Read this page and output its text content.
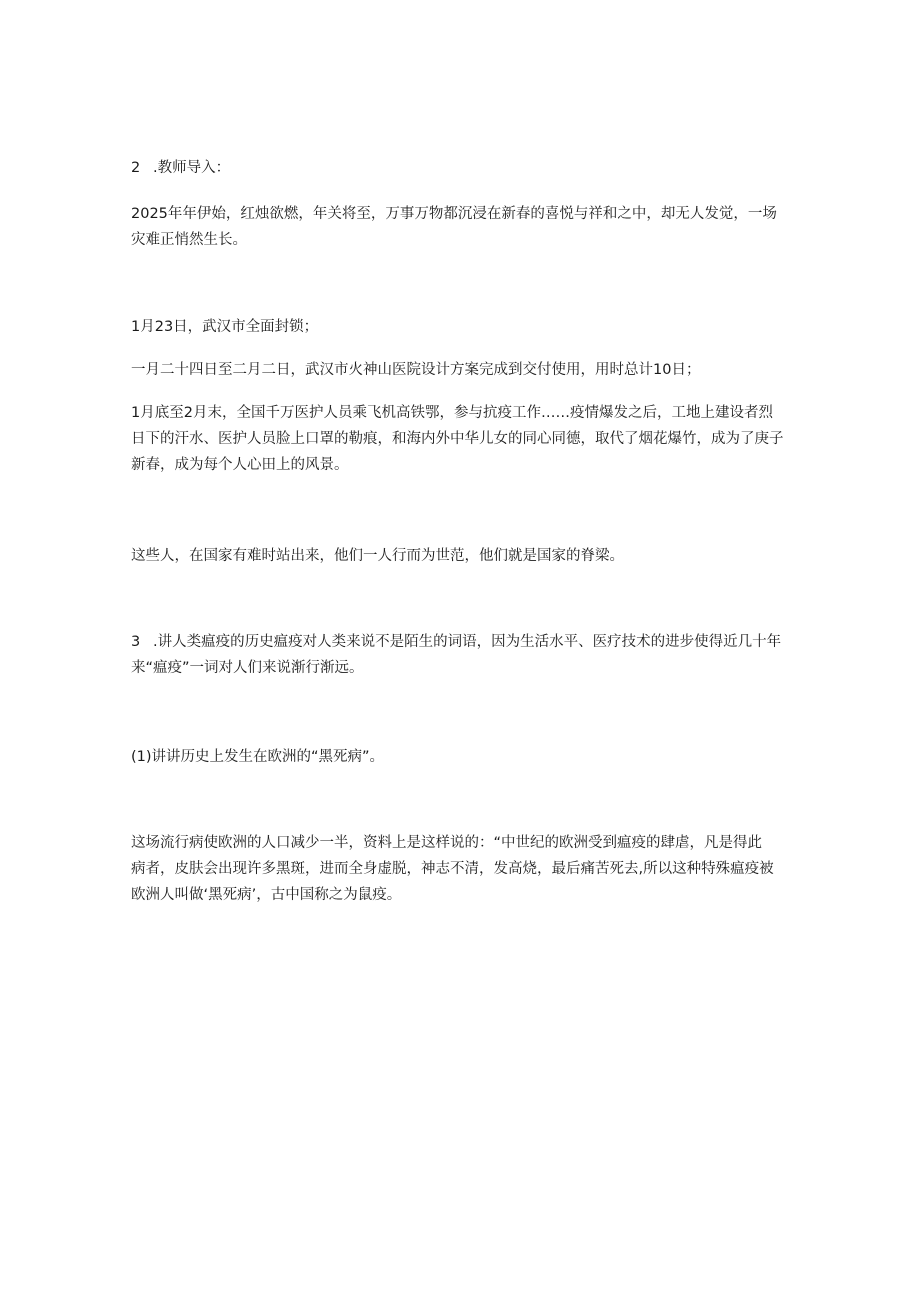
2 .教师导入：

2025年年伊始，红烛欲燃，年关将至，万事万物都沉浸在新春的喜悦与祥和之中，却无人发觉，一场
灾难正悄然生长。

1月23日，武汉市全面封锁；

一月二十四日至二月二日，武汉市火神山医院设计方案完成到交付使用，用时总计10日；

1月底至2月末，全国千万医护人员乘飞机高铁鄂，参与抗疫工作……疫情爆发之后，工地上建设者烈
日下的汗水、医护人员脸上口罩的勒痕，和海内外中华儿女的同心同德，取代了烟花爆竹，成为了庚子
新春，成为每个人心田上的风景。

这些人，在国家有难时站出来，他们一人行而为世范，他们就是国家的脊梁。

3 .讲人类瘟疫的历史瘟疫对人类来说不是陌生的词语，因为生活水平、医疗技术的进步使得近几十年
来“瘟疫”一词对人们来说渐行渐远。

(1)讲讲历史上发生在欧洲的“黑死病”。

这场流行病使欧洲的人口减少一半，资料上是这样说的：“中世纪的欧洲受到瘟疫的肆虐，凡是得此
病者，皮肤会出现许多黑斑，进而全身虚脱，神志不清，发高烧，最后痛苦死去,所以这种特殊瘟疫被
欧洲人叫做‘黑死病’，古中国称之为鼠疫。
